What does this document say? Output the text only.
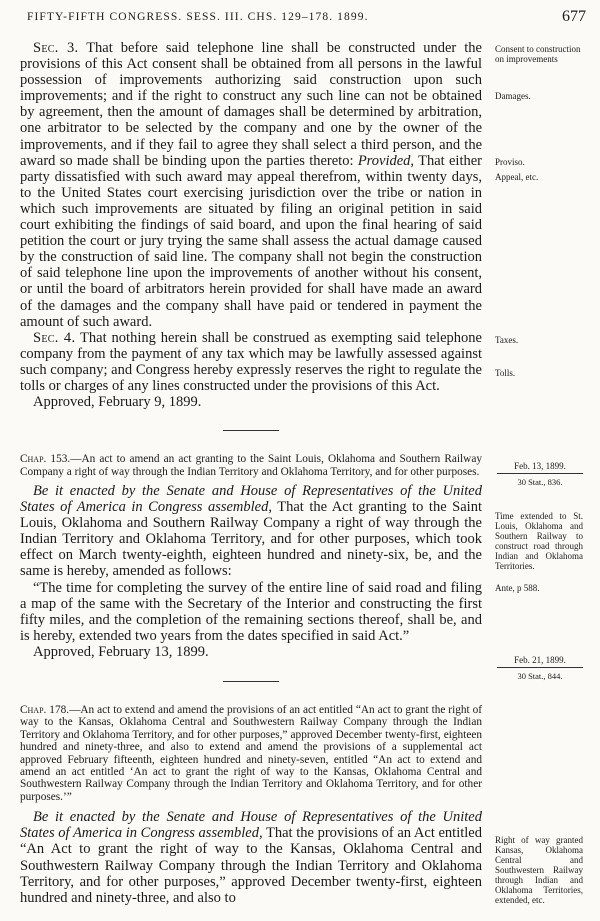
FIFTY-FIFTH CONGRESS. SESS. III. CHS. 129–178. 1899.	677

Sec. 3. That before said telephone line shall be constructed under the provisions of this Act consent shall be obtained from all persons in the lawful possession of improvements authorizing said construction upon such improvements; and if the right to construct any such line can not be obtained by agreement, then the amount of damages shall be determined by arbitration, one arbitrator to be selected by the company and one by the owner of the improvements, and if they fail to agree they shall select a third person, and the award so made shall be binding upon the parties thereto: Provided, That either party dissatisfied with such award may appeal therefrom, within twenty days, to the United States court exercising jurisdiction over the tribe or nation in which such improvements are situated by filing an original petition in said court exhibiting the findings of said board, and upon the final hearing of said petition the court or jury trying the same shall assess the actual damage caused by the construction of said line. The company shall not begin the construction of said telephone line upon the improvements of another without his consent, or until the board of arbitrators herein provided for shall have made an award of the damages and the company shall have paid or tendered in payment the amount of such award.

Sec. 4. That nothing herein shall be construed as exempting said telephone company from the payment of any tax which may be lawfully assessed against such company; and Congress hereby expressly reserves the right to regulate the tolls or charges of any lines constructed under the provisions of this Act.

Approved, February 9, 1899.

Chap. 153.—An act to amend an act granting to the Saint Louis, Oklahoma and Southern Railway Company a right of way through the Indian Territory and Oklahoma Territory, and for other purposes.

Be it enacted by the Senate and House of Representatives of the United States of America in Congress assembled, That the Act granting to the Saint Louis, Oklahoma and Southern Railway Company a right of way through the Indian Territory and Oklahoma Territory, and for other purposes, which took effect on March twenty-eighth, eighteen hundred and ninety-six, be, and the same is hereby, amended as follows:

“The time for completing the survey of the entire line of said road and filing a map of the same with the Secretary of the Interior and constructing the first fifty miles, and the completion of the remaining sections thereof, shall be, and is hereby, extended two years from the dates specified in said Act.”

Approved, February 13, 1899.

Chap. 178.—An act to extend and amend the provisions of an act entitled “An act to grant the right of way to the Kansas, Oklahoma Central and Southwestern Railway Company through the Indian Territory and Oklahoma Territory, and for other purposes,” approved December twenty-first, eighteen hundred and ninety-three, and also to extend and amend the provisions of a supplemental act approved February fifteenth, eighteen hundred and ninety-seven, entitled “An act to extend and amend an act entitled ‘An act to grant the right of way to the Kansas, Oklahoma Central and Southwestern Railway Company through the Indian Territory and Oklahoma Territory, and for other purposes.’”

Be it enacted by the Senate and House of Representatives of the United States of America in Congress assembled, That the provisions of an Act entitled “An Act to grant the right of way to the Kansas, Oklahoma Central and Southwestern Railway Company through the Indian Territory and Oklahoma Territory, and for other purposes,” approved December twenty-first, eighteen hundred and ninety-three, and also to

Consent to construction on improvements
Damages.
Proviso.
Appeal, etc.
Taxes.
Tolls.
Feb. 13, 1899.
30 Stat., 836.
Time extended to St. Louis, Oklahoma and Southern Railway to construct road through Indian and Oklahoma Territories.
Ante, p 588.
Feb. 21, 1899.
30 Stat., 844.
Right of way granted Kansas, Oklahoma Central and Southwestern Railway through Indian and Oklahoma Territories, extended, etc.
